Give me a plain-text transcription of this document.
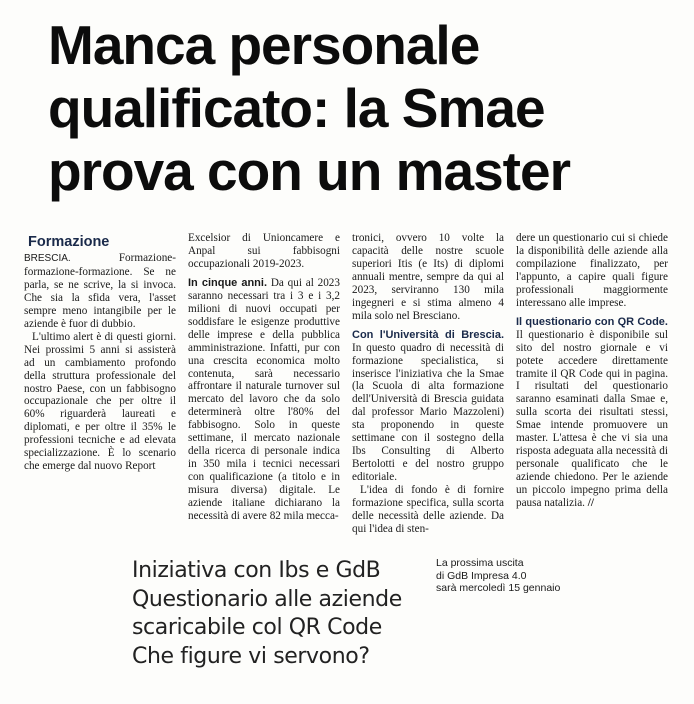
Manca personale
qualificato: la Smae
prova con un master
Formazione

BRESCIA.	Formazione-formazione-formazione. Se ne parla, se ne scrive, la si invoca. Che sia la sfida vera, l'asset sempre meno intangibile per le aziende è fuor di dubbio.

L'ultimo alert è di questi giorni. Nei prossimi 5 anni si assisterà ad un cambiamento profondo della struttura professionale del nostro Paese, con un fabbisogno occupazionale che per oltre il 60% riguarderà laureati e diplomati, e per oltre il 35% le professioni tecniche e ad elevata specializzazione. È lo scenario che emerge dal nuovo Report

Excelsior di Unioncamere e Anpal sui fabbisogni occupazionali 2019-2023.

In cinque anni. Da qui al 2023 saranno necessari tra i 3 e i 3,2 milioni di nuovi occupati per soddisfare le esigenze produttive delle imprese e della pubblica amministrazione. Infatti, pur con una crescita economica molto contenuta, sarà necessario affrontare il naturale turnover sul mercato del lavoro che da solo determinerà oltre l'80% del fabbisogno. Solo in queste settimane, il mercato nazionale della ricerca di personale indica in 350 mila i tecnici necessari con qualificazione (a titolo e in misura diversa) digitale. Le aziende italiane dichiarano la necessità di avere 82 mila mecca-

tronici, ovvero 10 volte la capacità delle nostre scuole superiori Itis (e Its) di diplomi annuali mentre, sempre da qui al 2023, serviranno 130 mila ingegneri e si stima almeno 4 mila solo nel Bresciano.

Con l'Università di Brescia. In questo quadro di necessità di formazione specialistica, si inserisce l'iniziativa che la Smae (la Scuola di alta formazione dell'Università di Brescia guidata dal professor Mario Mazzoleni) sta proponendo in queste settimane con il sostegno della Ibs Consulting di Alberto Bertolotti e del nostro gruppo editoriale.

L'idea di fondo è di fornire formazione specifica, sulla scorta delle necessità delle aziende. Da qui l'idea di sten-

dere un questionario cui si chiede la disponibilità delle aziende alla compilazione finalizzato, per l'appunto, a capire quali figure professionali maggiormente interessano alle imprese.

Il questionario con QR Code. Il questionario è disponibile sul sito del nostro giornale e vi potete accedere direttamente tramite il QR Code qui in pagina. I risultati del questionario saranno esaminati dalla Smae e, sulla scorta dei risultati stessi, Smae intende promuovere un master. L'attesa è che vi sia una risposta adeguata alla necessità di personale qualificato che le aziende chiedono. Per le aziende un piccolo impegno prima della pausa natalizia. //

Iniziativa con Ibs e GdB
Questionario alle aziende
scaricabile col QR Code
Che figure vi servono?
La prossima uscita
di GdB Impresa 4.0
sarà mercoledì 15 gennaio
